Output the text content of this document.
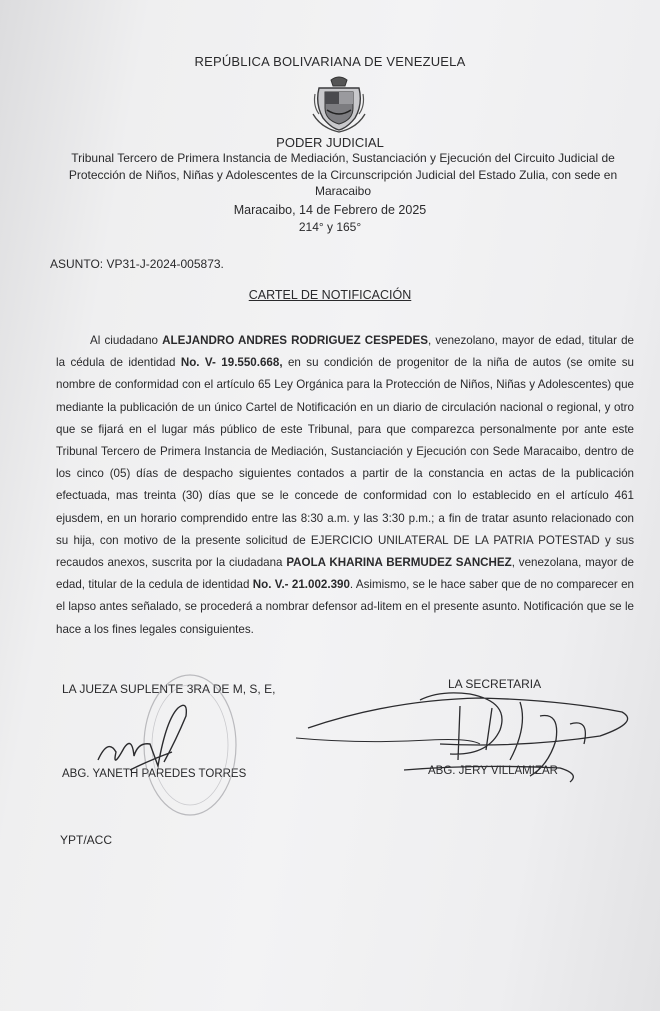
REPÚBLICA BOLIVARIANA DE VENEZUELA
PODER JUDICIAL
Tribunal Tercero de Primera Instancia de Mediación, Sustanciación y Ejecución del Circuito Judicial de Protección de Niños, Niñas y Adolescentes de la Circunscripción Judicial del Estado Zulia, con sede en Maracaibo
Maracaibo, 14 de Febrero de 2025
214° y 165°
ASUNTO: VP31-J-2024-005873.
CARTEL DE NOTIFICACIÓN
Al ciudadano ALEJANDRO ANDRES RODRIGUEZ CESPEDES, venezolano, mayor de edad, titular de la cédula de identidad No. V- 19.550.668, en su condición de progenitor de la niña de autos (se omite su nombre de conformidad con el artículo 65 Ley Orgánica para la Protección de Niños, Niñas y Adolescentes) que mediante la publicación de un único Cartel de Notificación en un diario de circulación nacional o regional, y otro que se fijará en el lugar más público de este Tribunal, para que comparezca personalmente por ante este Tribunal Tercero de Primera Instancia de Mediación, Sustanciación y Ejecución con Sede Maracaibo, dentro de los cinco (05) días de despacho siguientes contados a partir de la constancia en actas de la publicación efectuada, mas treinta (30) días que se le concede de conformidad con lo establecido en el artículo 461 ejusdem, en un horario comprendido entre las 8:30 a.m. y las 3:30 p.m.; a fin de tratar asunto relacionado con su hija, con motivo de la presente solicitud de EJERCICIO UNILATERAL DE LA PATRIA POTESTAD y sus recaudos anexos, suscrita por la ciudadana PAOLA KHARINA BERMUDEZ SANCHEZ, venezolana, mayor de edad, titular de la cedula de identidad No. V.- 21.002.390. Asimismo, se le hace saber que de no comparecer en el lapso antes señalado, se procederá a nombrar defensor ad-litem en el presente asunto. Notificación que se le hace a los fines legales consiguientes.
LA JUEZA SUPLENTE 3RA DE M, S, E,
ABG. YANETH PAREDES TORRES
LA SECRETARIA
ABG. JERY VILLAMIZAR
YPT/ACC
